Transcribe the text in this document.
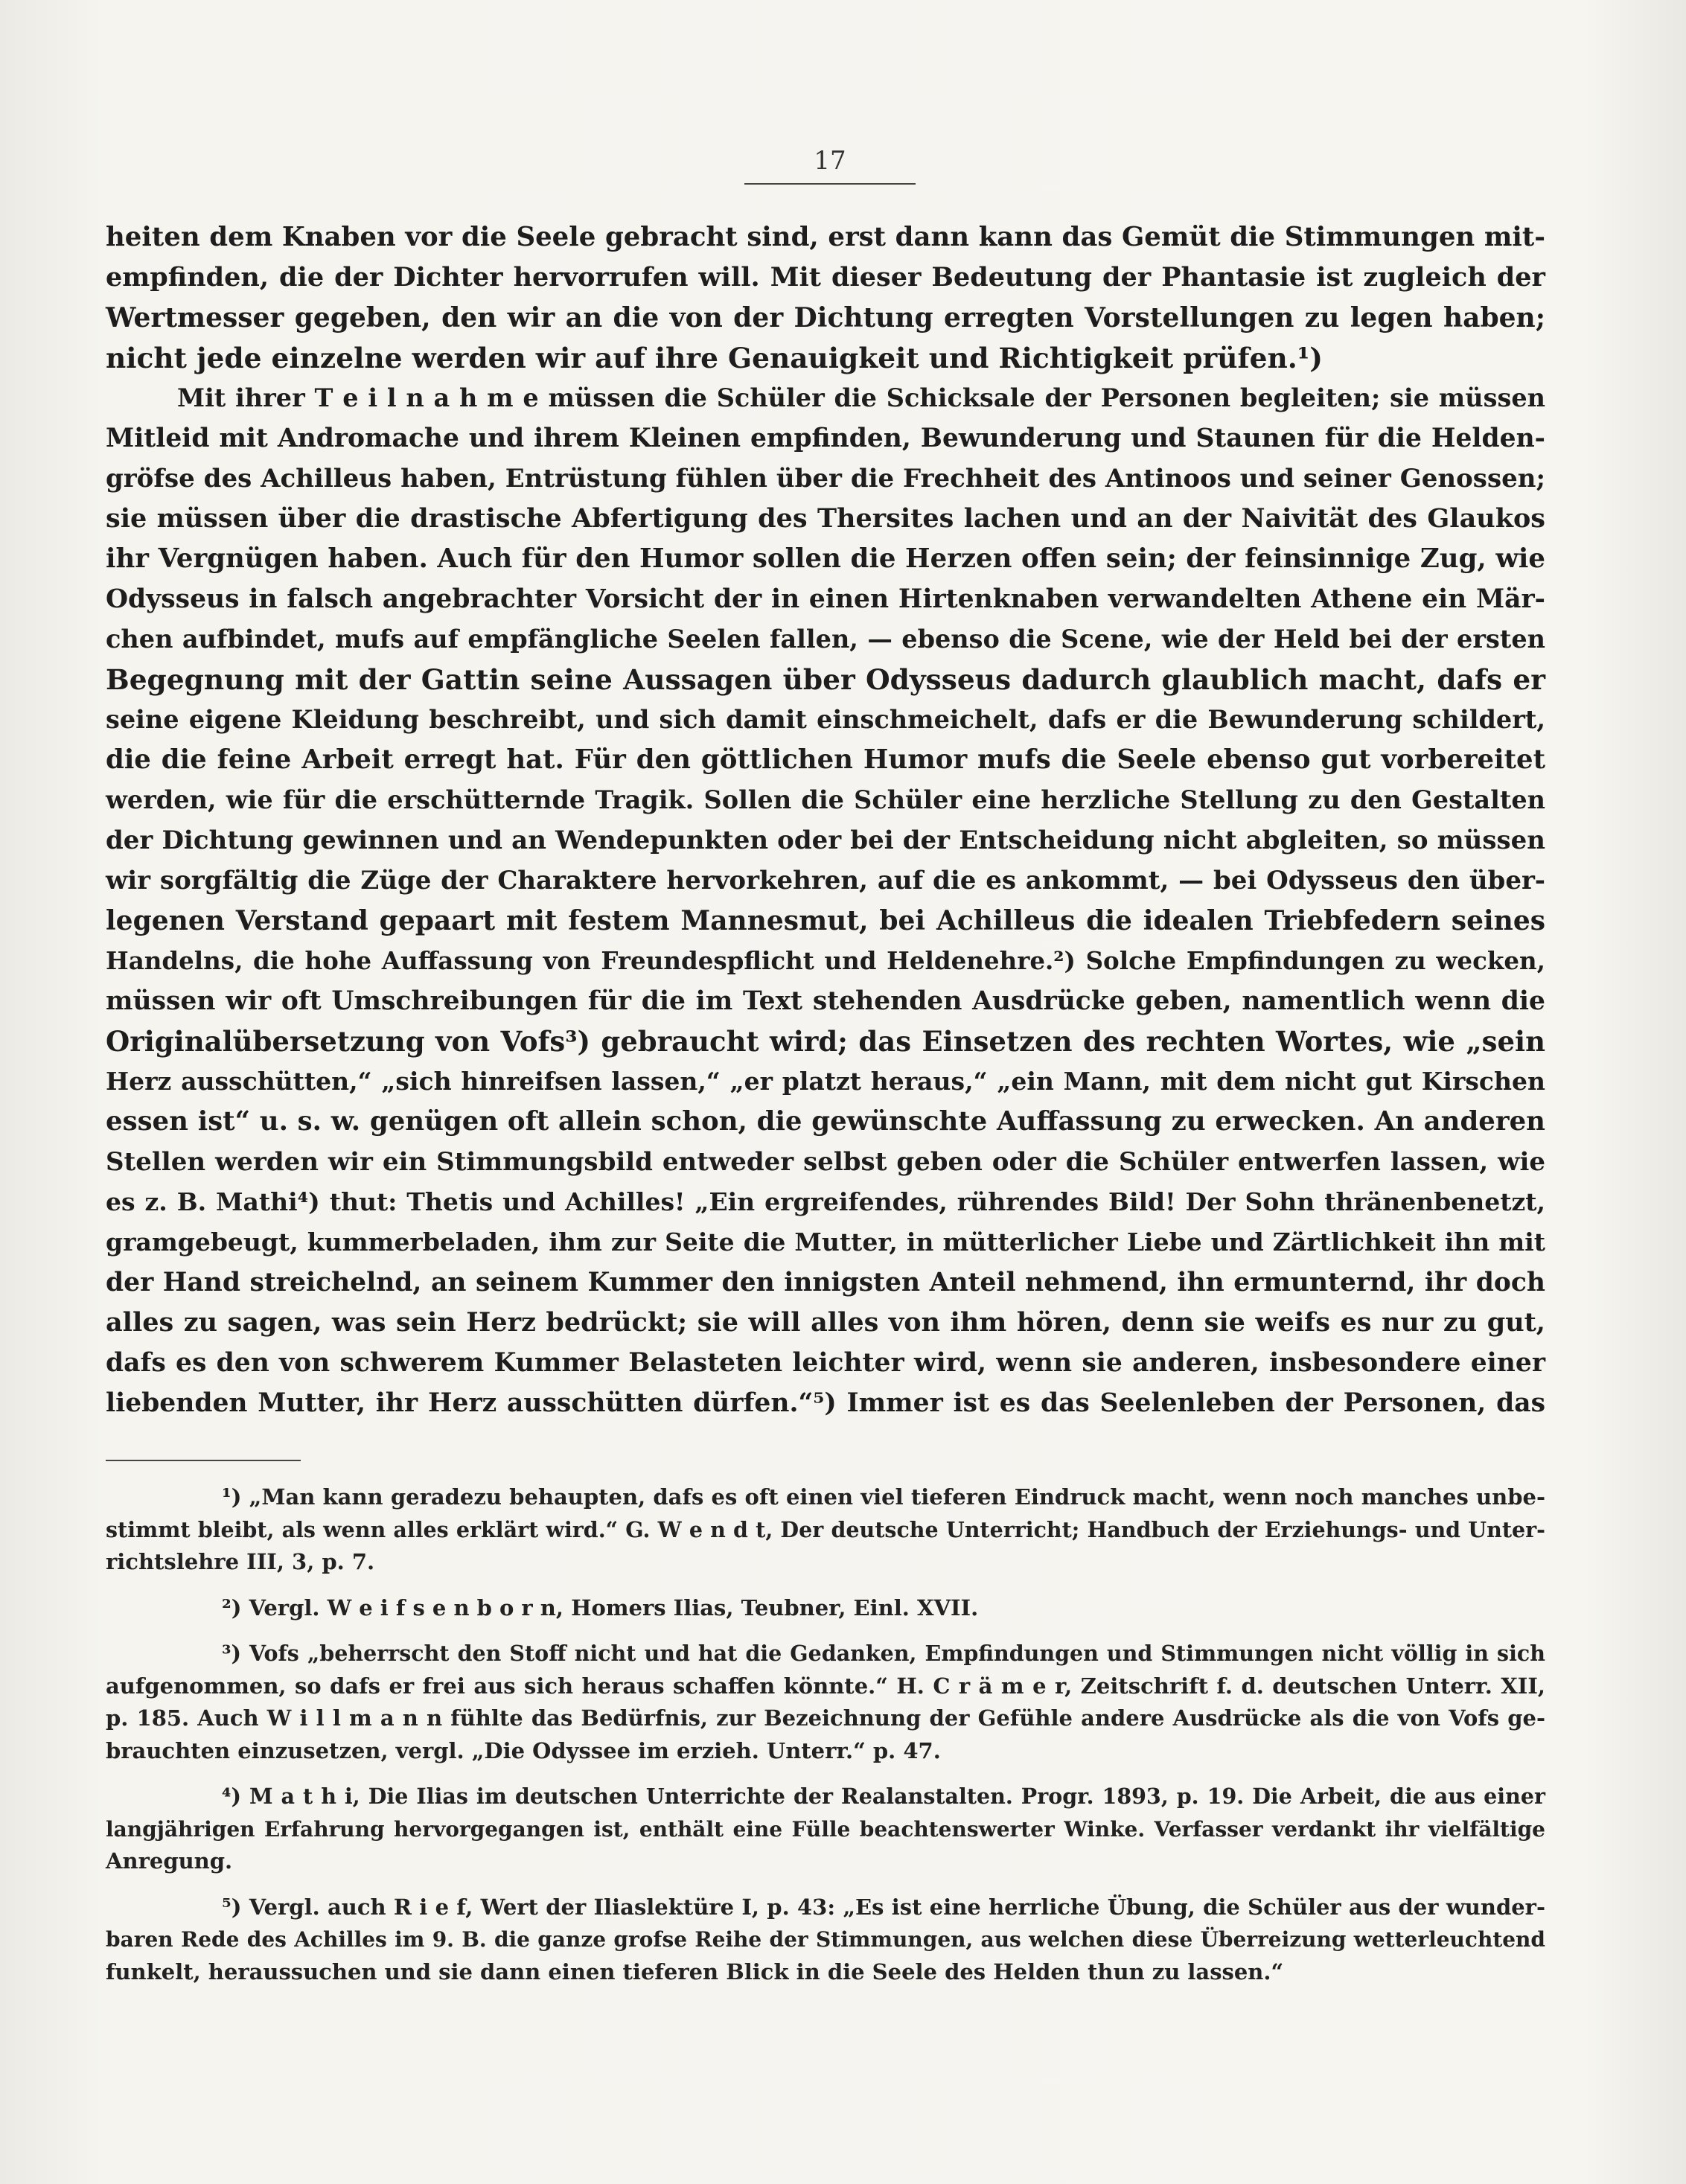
17
heiten dem Knaben vor die Seele gebracht sind, erst dann kann das Gemüt die Stimmungen mit-
empfinden, die der Dichter hervorrufen will. Mit dieser Bedeutung der Phantasie ist zugleich der
Wertmesser gegeben, den wir an die von der Dichtung erregten Vorstellungen zu legen haben;
nicht jede einzelne werden wir auf ihre Genauigkeit und Richtigkeit prüfen.¹)
Mit ihrer T e i l n a h m e müssen die Schüler die Schicksale der Personen begleiten; sie müssen
Mitleid mit Andromache und ihrem Kleinen empfinden, Bewunderung und Staunen für die Helden-
gröfse des Achilleus haben, Entrüstung fühlen über die Frechheit des Antinoos und seiner Genossen;
sie müssen über die drastische Abfertigung des Thersites lachen und an der Naivität des Glaukos
ihr Vergnügen haben. Auch für den Humor sollen die Herzen offen sein; der feinsinnige Zug, wie
Odysseus in falsch angebrachter Vorsicht der in einen Hirtenknaben verwandelten Athene ein Mär-
chen aufbindet, mufs auf empfängliche Seelen fallen, — ebenso die Scene, wie der Held bei der ersten
Begegnung mit der Gattin seine Aussagen über Odysseus dadurch glaublich macht, dafs er
seine eigene Kleidung beschreibt, und sich damit einschmeichelt, dafs er die Bewunderung schildert,
die die feine Arbeit erregt hat. Für den göttlichen Humor mufs die Seele ebenso gut vorbereitet
werden, wie für die erschütternde Tragik. Sollen die Schüler eine herzliche Stellung zu den Gestalten
der Dichtung gewinnen und an Wendepunkten oder bei der Entscheidung nicht abgleiten, so müssen
wir sorgfältig die Züge der Charaktere hervorkehren, auf die es ankommt, — bei Odysseus den über-
legenen Verstand gepaart mit festem Mannesmut, bei Achilleus die idealen Triebfedern seines
Handelns, die hohe Auffassung von Freundespflicht und Heldenehre.²) Solche Empfindungen zu wecken,
müssen wir oft Umschreibungen für die im Text stehenden Ausdrücke geben, namentlich wenn die
Originalübersetzung von Vofs³) gebraucht wird; das Einsetzen des rechten Wortes, wie „sein
Herz ausschütten,“ „sich hinreifsen lassen,“ „er platzt heraus,“ „ein Mann, mit dem nicht gut Kirschen
essen ist“ u. s. w. genügen oft allein schon, die gewünschte Auffassung zu erwecken. An anderen
Stellen werden wir ein Stimmungsbild entweder selbst geben oder die Schüler entwerfen lassen, wie
es z. B. Mathi⁴) thut: Thetis und Achilles! „Ein ergreifendes, rührendes Bild! Der Sohn thränenbenetzt,
gramgebeugt, kummerbeladen, ihm zur Seite die Mutter, in mütterlicher Liebe und Zärtlichkeit ihn mit
der Hand streichelnd, an seinem Kummer den innigsten Anteil nehmend, ihn ermunternd, ihr doch
alles zu sagen, was sein Herz bedrückt; sie will alles von ihm hören, denn sie weifs es nur zu gut,
dafs es den von schwerem Kummer Belasteten leichter wird, wenn sie anderen, insbesondere einer
liebenden Mutter, ihr Herz ausschütten dürfen.“⁵) Immer ist es das Seelenleben der Personen, das
¹) „Man kann geradezu behaupten, dafs es oft einen viel tieferen Eindruck macht, wenn noch manches unbe-
stimmt bleibt, als wenn alles erklärt wird.“ G. W e n d t, Der deutsche Unterricht; Handbuch der Erziehungs- und Unter-
richtslehre III, 3, p. 7.
²) Vergl. W e i f s e n b o r n, Homers Ilias, Teubner, Einl. XVII.
³) Vofs „beherrscht den Stoff nicht und hat die Gedanken, Empfindungen und Stimmungen nicht völlig in sich
aufgenommen, so dafs er frei aus sich heraus schaffen könnte.“ H. C r ä m e r, Zeitschrift f. d. deutschen Unterr. XII,
p. 185. Auch W i l l m a n n fühlte das Bedürfnis, zur Bezeichnung der Gefühle andere Ausdrücke als die von Vofs ge-
brauchten einzusetzen, vergl. „Die Odyssee im erzieh. Unterr.“ p. 47.
⁴) M a t h i, Die Ilias im deutschen Unterrichte der Realanstalten. Progr. 1893, p. 19. Die Arbeit, die aus einer
langjährigen Erfahrung hervorgegangen ist, enthält eine Fülle beachtenswerter Winke. Verfasser verdankt ihr vielfältige
Anregung.
⁵) Vergl. auch R i e f, Wert der Iliaslektüre I, p. 43: „Es ist eine herrliche Übung, die Schüler aus der wunder-
baren Rede des Achilles im 9. B. die ganze grofse Reihe der Stimmungen, aus welchen diese Überreizung wetterleuchtend
funkelt, heraussuchen und sie dann einen tieferen Blick in die Seele des Helden thun zu lassen.“
